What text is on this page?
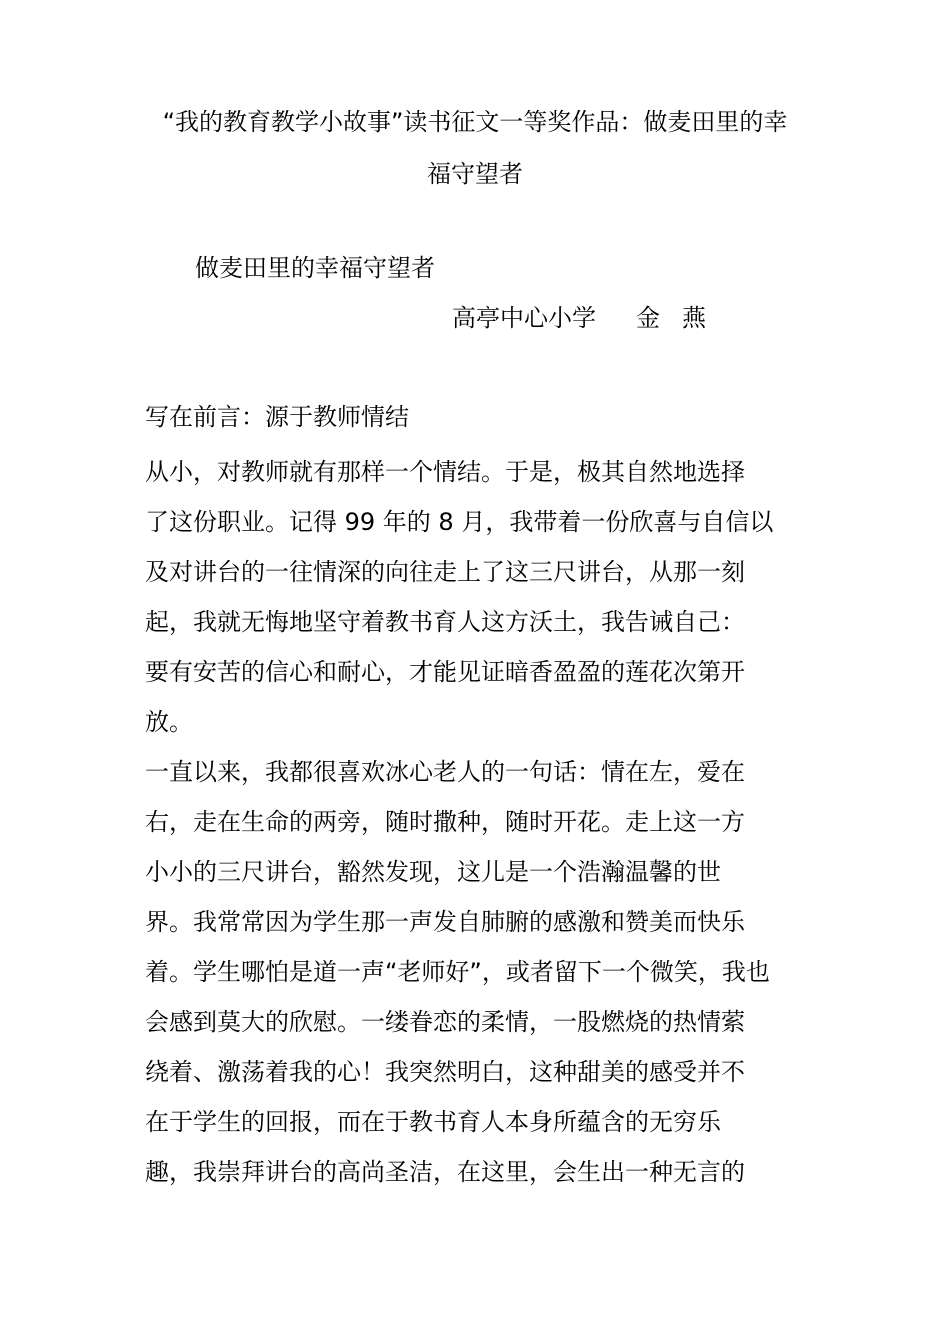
“我的教育教学小故事”读书征文一等奖作品：做麦田里的幸
福守望者
做麦田里的幸福守望者
高亭中心小学 金 燕
写在前言：源于教师情结
从小，对教师就有那样一个情结。于是，极其自然地选择
了这份职业。记得 99 年的 8 月，我带着一份欣喜与自信以
及对讲台的一往情深的向往走上了这三尺讲台，从那一刻
起，我就无悔地坚守着教书育人这方沃土，我告诫自己：
要有安苦的信心和耐心，才能见证暗香盈盈的莲花次第开
放。
一直以来，我都很喜欢冰心老人的一句话：情在左，爱在
右，走在生命的两旁，随时撒种，随时开花。走上这一方
小小的三尺讲台，豁然发现，这儿是一个浩瀚温馨的世
界。我常常因为学生那一声发自肺腑的感激和赞美而快乐
着。学生哪怕是道一声“老师好”，或者留下一个微笑，我也
会感到莫大的欣慰。一缕眷恋的柔情，一股燃烧的热情萦
绕着、激荡着我的心！我突然明白，这种甜美的感受并不
在于学生的回报，而在于教书育人本身所蕴含的无穷乐
趣，我崇拜讲台的高尚圣洁，在这里，会生出一种无言的
